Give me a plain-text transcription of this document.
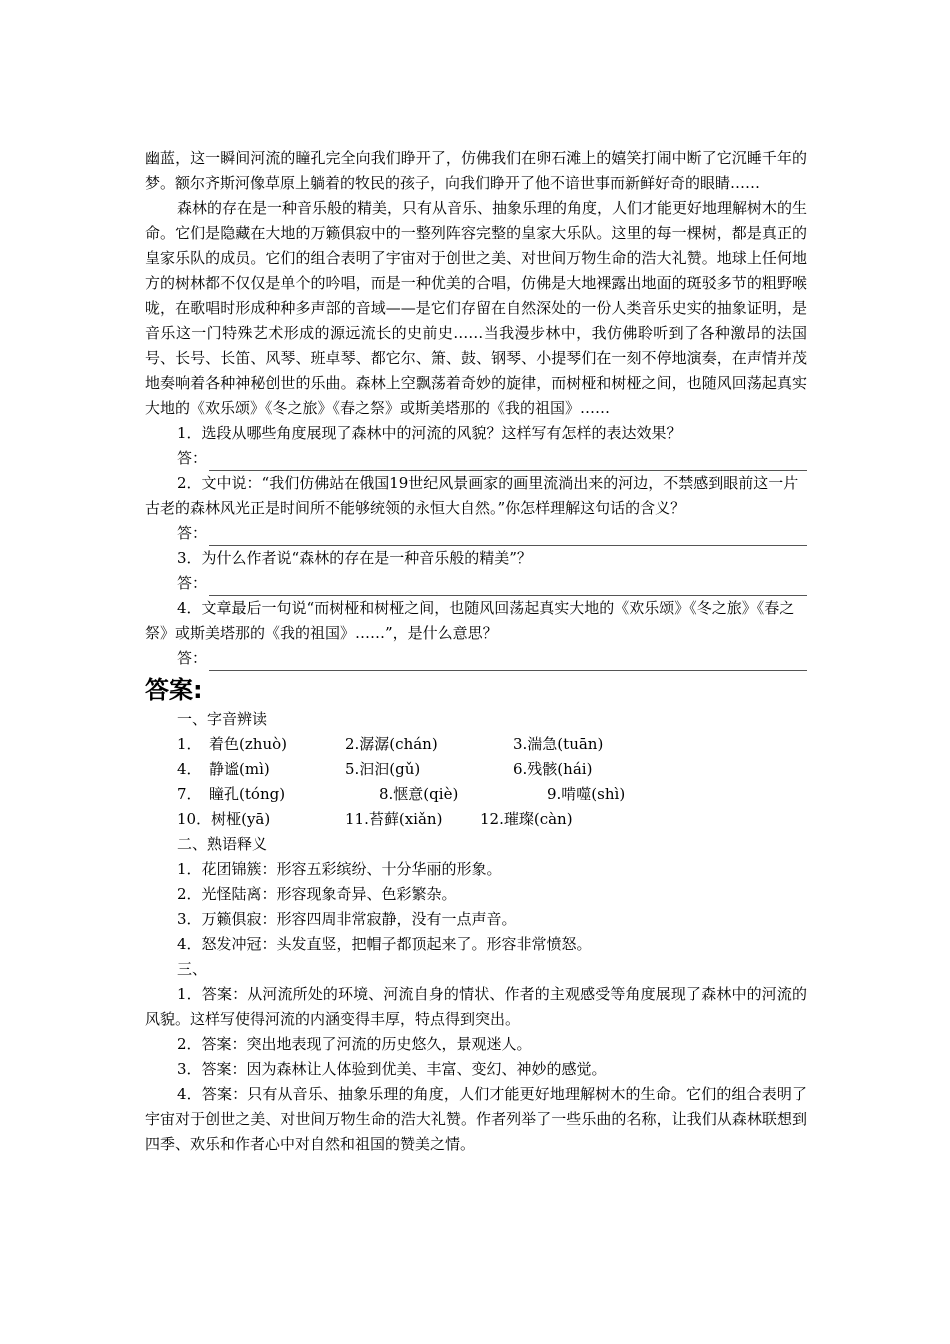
幽蓝，这一瞬间河流的瞳孔完全向我们睁开了，仿佛我们在卵石滩上的嬉笑打闹中断了它沉睡千年的梦。额尔齐斯河像草原上躺着的牧民的孩子，向我们睁开了他不谙世事而新鲜好奇的眼睛……

森林的存在是一种音乐般的精美，只有从音乐、抽象乐理的角度，人们才能更好地理解树木的生命。它们是隐藏在大地的万籁俱寂中的一整列阵容完整的皇家大乐队。这里的每一棵树，都是真正的皇家乐队的成员。它们的组合表明了宇宙对于创世之美、对世间万物生命的浩大礼赞。地球上任何地方的树林都不仅仅是单个的吟唱，而是一种优美的合唱，仿佛是大地裸露出地面的斑驳多节的粗野喉咙，在歌唱时形成种种多声部的音域——是它们存留在自然深处的一份人类音乐史实的抽象证明，是音乐这一门特殊艺术形成的源远流长的史前史……当我漫步林中，我仿佛聆听到了各种激昂的法国号、长号、长笛、风琴、班卓琴、都它尔、箫、鼓、钢琴、小提琴们在一刻不停地演奏，在声情并茂地奏响着各种神秘创世的乐曲。森林上空飘荡着奇妙的旋律，而树桠和树桠之间，也随风回荡起真实大地的《欢乐颂》《冬之旅》《春之祭》或斯美塔那的《我的祖国》……

1．选段从哪些角度展现了森林中的河流的风貌？这样写有怎样的表达效果？

答：

2．文中说：“我们仿佛站在俄国19世纪风景画家的画里流淌出来的河边，不禁感到眼前这一片古老的森林风光正是时间所不能够统领的永恒大自然。”你怎样理解这句话的含义？

答：

3．为什么作者说“森林的存在是一种音乐般的精美”？

答：

4．文章最后一句说“而树桠和树桠之间，也随风回荡起真实大地的《欢乐颂》《冬之旅》《春之祭》或斯美塔那的《我的祖国》……”，是什么意思？

答：

答案:

一、字音辨读

1．　着色(zhuò)	2.潺潺(chán)	3.湍急(tuān)
4．　静谧(mì)	5.汩汩(gǔ)	6.残骸(hái)
7．　瞳孔(tóng)	8.惬意(qiè)	9.啃噬(shì)
10．树桠(yā)	11.苔藓(xiǎn)	12.璀璨(càn)

二、熟语释义

1．花团锦簇：形容五彩缤纷、十分华丽的形象。

2．光怪陆离：形容现象奇异、色彩繁杂。

3．万籁俱寂：形容四周非常寂静，没有一点声音。

4．怒发冲冠：头发直竖，把帽子都顶起来了。形容非常愤怒。

三、

1．答案：从河流所处的环境、河流自身的情状、作者的主观感受等角度展现了森林中的河流的风貌。这样写使得河流的内涵变得丰厚，特点得到突出。

2．答案：突出地表现了河流的历史悠久，景观迷人。

3．答案：因为森林让人体验到优美、丰富、变幻、神妙的感觉。

4．答案：只有从音乐、抽象乐理的角度，人们才能更好地理解树木的生命。它们的组合表明了宇宙对于创世之美、对世间万物生命的浩大礼赞。作者列举了一些乐曲的名称，让我们从森林联想到四季、欢乐和作者心中对自然和祖国的赞美之情。
